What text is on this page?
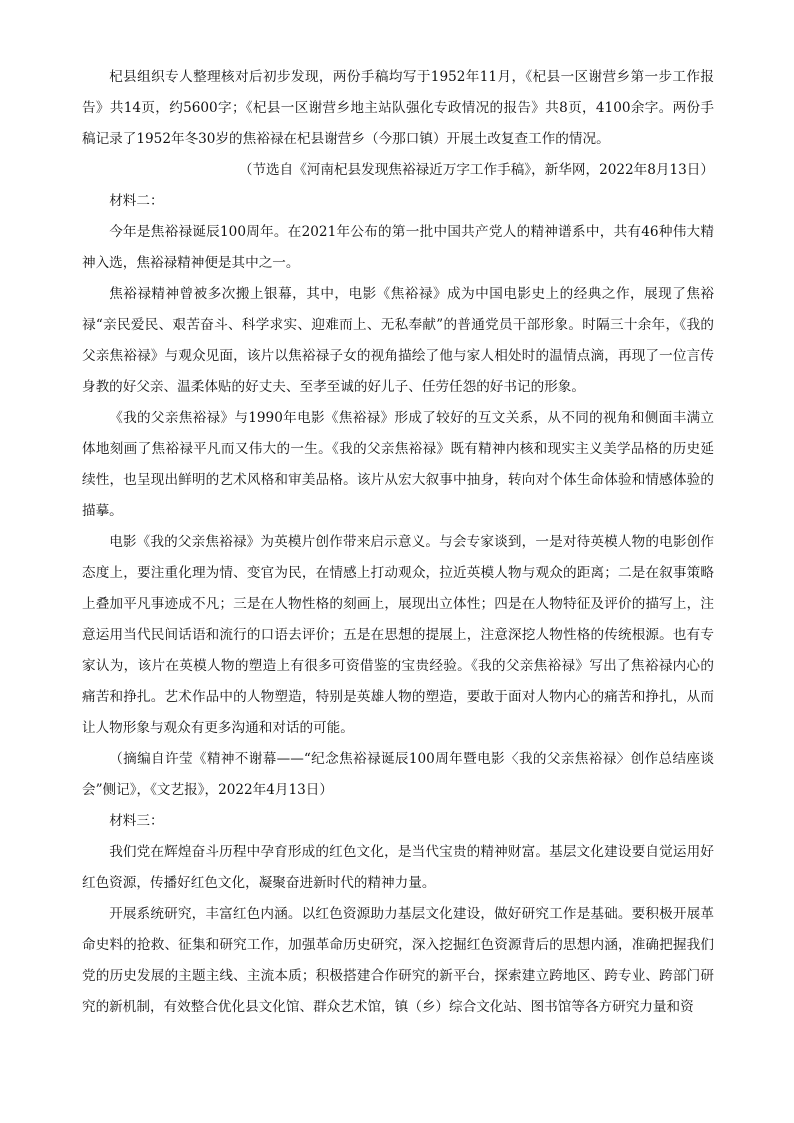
杞县组织专人整理核对后初步发现，两份手稿均写于1952年11月，《杞县一区谢营乡第一步工作报告》共14页，约5600字；《杞县一区谢营乡地主站队强化专政情况的报告》共8页，4100余字。两份手稿记录了1952年冬30岁的焦裕禄在杞县谢营乡（今那口镇）开展土改复查工作的情况。

（节选自《河南杞县发现焦裕禄近万字工作手稿》，新华网，2022年8月13日）

材料二：

今年是焦裕禄诞辰100周年。在2021年公布的第一批中国共产党人的精神谱系中，共有46种伟大精神入选，焦裕禄精神便是其中之一。

焦裕禄精神曾被多次搬上银幕，其中，电影《焦裕禄》成为中国电影史上的经典之作，展现了焦裕禄“亲民爱民、艰苦奋斗、科学求实、迎难而上、无私奉献”的普通党员干部形象。时隔三十余年，《我的父亲焦裕禄》与观众见面，该片以焦裕禄子女的视角描绘了他与家人相处时的温情点滴，再现了一位言传身教的好父亲、温柔体贴的好丈夫、至孝至诚的好儿子、任劳任怨的好书记的形象。

《我的父亲焦裕禄》与1990年电影《焦裕禄》形成了较好的互文关系，从不同的视角和侧面丰满立体地刻画了焦裕禄平凡而又伟大的一生。《我的父亲焦裕禄》既有精神内核和现实主义美学品格的历史延续性，也呈现出鲜明的艺术风格和审美品格。该片从宏大叙事中抽身，转向对个体生命体验和情感体验的描摹。

电影《我的父亲焦裕禄》为英模片创作带来启示意义。与会专家谈到，一是对待英模人物的电影创作态度上，要注重化理为情、变官为民，在情感上打动观众，拉近英模人物与观众的距离；二是在叙事策略上叠加平凡事迹成不凡；三是在人物性格的刻画上，展现出立体性；四是在人物特征及评价的描写上，注意运用当代民间话语和流行的口语去评价；五是在思想的提展上，注意深挖人物性格的传统根源。也有专家认为，该片在英模人物的塑造上有很多可资借鉴的宝贵经验。《我的父亲焦裕禄》写出了焦裕禄内心的痛苦和挣扎。艺术作品中的人物塑造，特别是英雄人物的塑造，要敢于面对人物内心的痛苦和挣扎，从而让人物形象与观众有更多沟通和对话的可能。

（摘编自许莹《精神不谢幕——“纪念焦裕禄诞辰100周年暨电影〈我的父亲焦裕禄〉创作总结座谈会”侧记》，《文艺报》，2022年4月13日）

材料三：

我们党在辉煌奋斗历程中孕育形成的红色文化，是当代宝贵的精神财富。基层文化建设要自觉运用好红色资源，传播好红色文化，凝聚奋进新时代的精神力量。

开展系统研究，丰富红色内涵。以红色资源助力基层文化建设，做好研究工作是基础。要积极开展革命史料的抢救、征集和研究工作，加强革命历史研究，深入挖掘红色资源背后的思想内涵，准确把握我们党的历史发展的主题主线、主流本质；积极搭建合作研究的新平台，探索建立跨地区、跨专业、跨部门研究的新机制，有效整合优化县文化馆、群众艺术馆，镇（乡）综合文化站、图书馆等各方研究力量和资
